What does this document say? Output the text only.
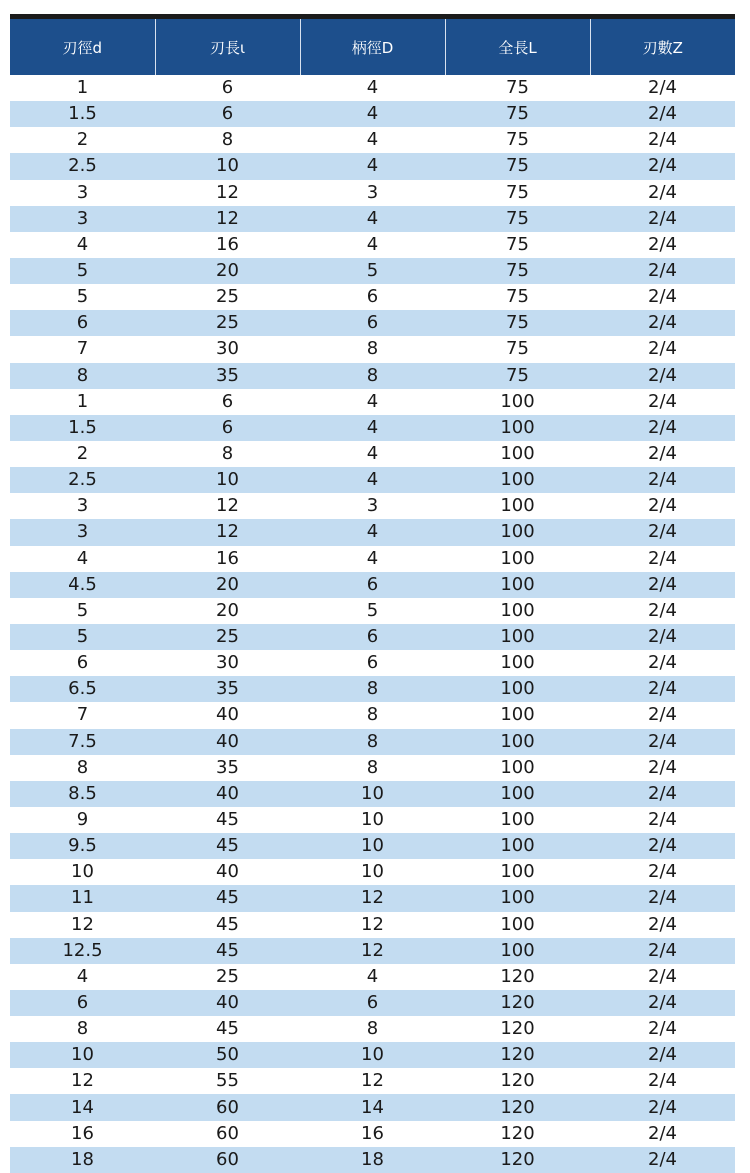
刃徑d	刃長ι	柄徑D	全長L	刃數Z
1	6	4	75	2/4
1.5	6	4	75	2/4
2	8	4	75	2/4
2.5	10	4	75	2/4
3	12	3	75	2/4
3	12	4	75	2/4
4	16	4	75	2/4
5	20	5	75	2/4
5	25	6	75	2/4
6	25	6	75	2/4
7	30	8	75	2/4
8	35	8	75	2/4
1	6	4	100	2/4
1.5	6	4	100	2/4
2	8	4	100	2/4
2.5	10	4	100	2/4
3	12	3	100	2/4
3	12	4	100	2/4
4	16	4	100	2/4
4.5	20	6	100	2/4
5	20	5	100	2/4
5	25	6	100	2/4
6	30	6	100	2/4
6.5	35	8	100	2/4
7	40	8	100	2/4
7.5	40	8	100	2/4
8	35	8	100	2/4
8.5	40	10	100	2/4
9	45	10	100	2/4
9.5	45	10	100	2/4
10	40	10	100	2/4
11	45	12	100	2/4
12	45	12	100	2/4
12.5	45	12	100	2/4
4	25	4	120	2/4
6	40	6	120	2/4
8	45	8	120	2/4
10	50	10	120	2/4
12	55	12	120	2/4
14	60	14	120	2/4
16	60	16	120	2/4
18	60	18	120	2/4
